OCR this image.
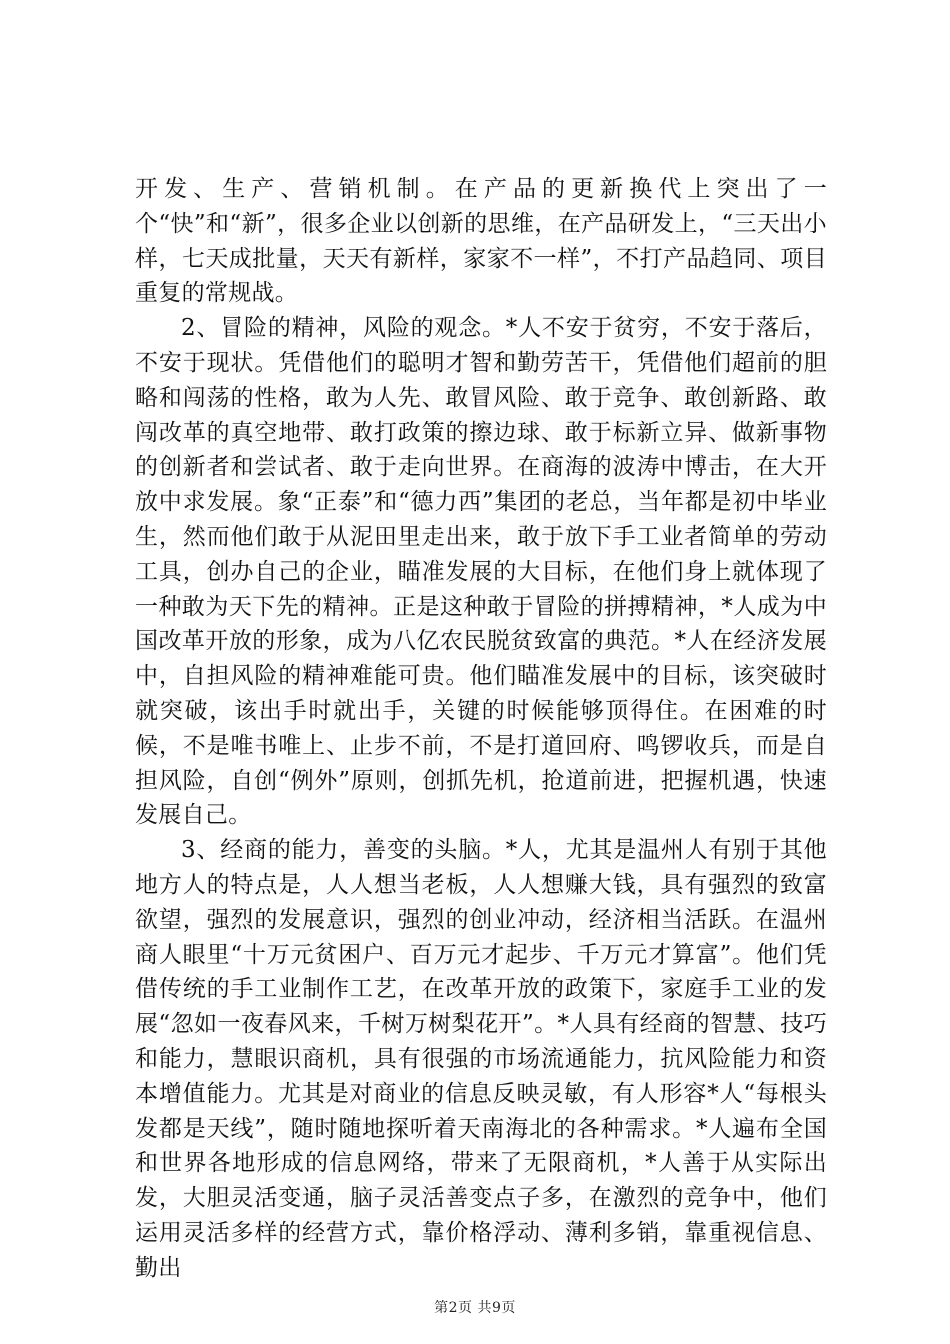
开发、生产、营销机制。在产品的更新换代上突出了一个“快”和“新”，很多企业以创新的思维，在产品研发上，“三天出小样，七天成批量，天天有新样，家家不一样”，不打产品趋同、项目重复的常规战。

2、冒险的精神，风险的观念。*人不安于贫穷，不安于落后，不安于现状。凭借他们的聪明才智和勤劳苦干，凭借他们超前的胆略和闯荡的性格，敢为人先、敢冒风险、敢于竞争、敢创新路、敢闯改革的真空地带、敢打政策的擦边球、敢于标新立异、做新事物的创新者和尝试者、敢于走向世界。在商海的波涛中博击，在大开放中求发展。象“正泰”和“德力西”集团的老总，当年都是初中毕业生，然而他们敢于从泥田里走出来，敢于放下手工业者简单的劳动工具，创办自己的企业，瞄准发展的大目标，在他们身上就体现了一种敢为天下先的精神。正是这种敢于冒险的拼搏精神，*人成为中国改革开放的形象，成为八亿农民脱贫致富的典范。*人在经济发展中，自担风险的精神难能可贵。他们瞄准发展中的目标，该突破时就突破，该出手时就出手，关键的时候能够顶得住。在困难的时候，不是唯书唯上、止步不前，不是打道回府、鸣锣收兵，而是自担风险，自创“例外”原则，创抓先机，抢道前进，把握机遇，快速发展自己。

3、经商的能力，善变的头脑。*人，尤其是温州人有别于其他地方人的特点是，人人想当老板，人人想赚大钱，具有强烈的致富欲望，强烈的发展意识，强烈的创业冲动，经济相当活跃。在温州商人眼里“十万元贫困户、百万元才起步、千万元才算富”。他们凭借传统的手工业制作工艺，在改革开放的政策下，家庭手工业的发展“忽如一夜春风来，千树万树梨花开”。*人具有经商的智慧、技巧和能力，慧眼识商机，具有很强的市场流通能力，抗风险能力和资本增值能力。尤其是对商业的信息反映灵敏，有人形容*人“每根头发都是天线”，随时随地探听着天南海北的各种需求。*人遍布全国和世界各地形成的信息网络，带来了无限商机，*人善于从实际出发，大胆灵活变通，脑子灵活善变点子多，在激烈的竞争中，他们运用灵活多样的经营方式，靠价格浮动、薄利多销，靠重视信息、勤出

第2页 共9页
